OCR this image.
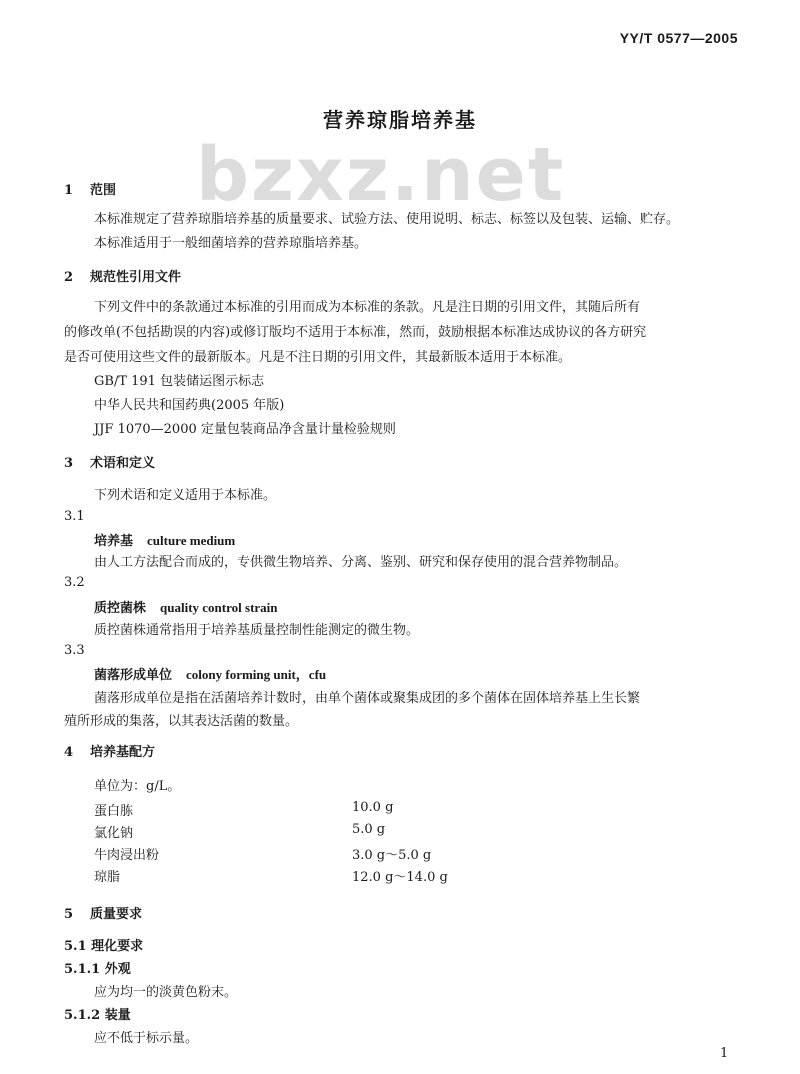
YY/T 0577—2005
bzxz.net
营养琼脂培养基
1 范围
本标准规定了营养琼脂培养基的质量要求、试验方法、使用说明、标志、标签以及包装、运输、贮存。
本标准适用于一般细菌培养的营养琼脂培养基。
2 规范性引用文件
下列文件中的条款通过本标准的引用而成为本标准的条款。凡是注日期的引用文件，其随后所有
的修改单(不包括勘误的内容)或修订版均不适用于本标准，然而，鼓励根据本标准达成协议的各方研究
是否可使用这些文件的最新版本。凡是不注日期的引用文件，其最新版本适用于本标准。
GB/T 191 包装储运图示标志
中华人民共和国药典(2005 年版)
JJF 1070—2000 定量包装商品净含量计量检验规则
3 术语和定义
下列术语和定义适用于本标准。
3.1
培养基 culture medium
由人工方法配合而成的，专供微生物培养、分离、鉴别、研究和保存使用的混合营养物制品。
3.2
质控菌株 quality control strain
质控菌株通常指用于培养基质量控制性能测定的微生物。
3.3
菌落形成单位 colony forming unit，cfu
菌落形成单位是指在活菌培养计数时，由单个菌体或聚集成团的多个菌体在固体培养基上生长繁
殖所形成的集落，以其表达活菌的数量。
4 培养基配方
单位为：g/L。
蛋白胨	10.0 g
氯化钠	5.0 g
牛肉浸出粉	3.0 g～5.0 g
琼脂	12.0 g～14.0 g
5 质量要求
5.1 理化要求
5.1.1 外观
应为均一的淡黄色粉末。
5.1.2 装量
应不低于标示量。
1
